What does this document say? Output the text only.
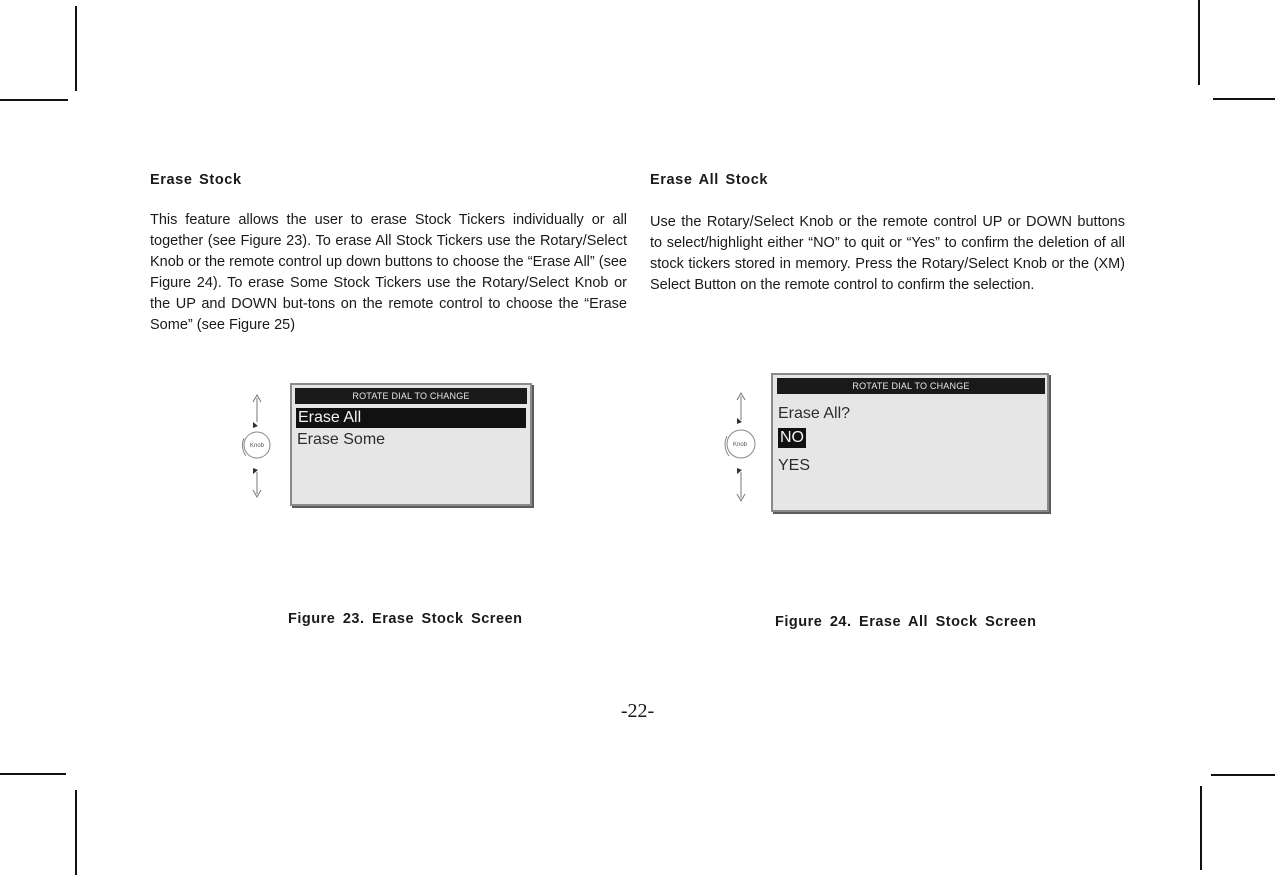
Erase Stock

This feature allows the user to erase Stock Tickers individually or all together (see Figure 23). To erase All Stock Tickers use the Rotary/Select Knob or the remote control up down buttons to choose the “Erase All” (see Figure 24). To erase Some Stock Tickers use the Rotary/Select Knob or the UP and DOWN but-tons on the remote control to choose the “Erase Some” (see Figure 25)

Knob
ROTATE DIAL TO CHANGE
Erase All
Erase Some

Figure 23. Erase Stock Screen

Erase All Stock

Use the Rotary/Select Knob or the remote control UP or DOWN buttons to select/highlight either “NO” to quit or “Yes” to confirm the deletion of all stock tickers stored in memory. Press the Rotary/Select Knob or the (XM) Select Button on the remote control to confirm the selection.

Knob
ROTATE DIAL TO CHANGE
Erase All?
NO
YES

Figure 24. Erase All Stock Screen

-22-
